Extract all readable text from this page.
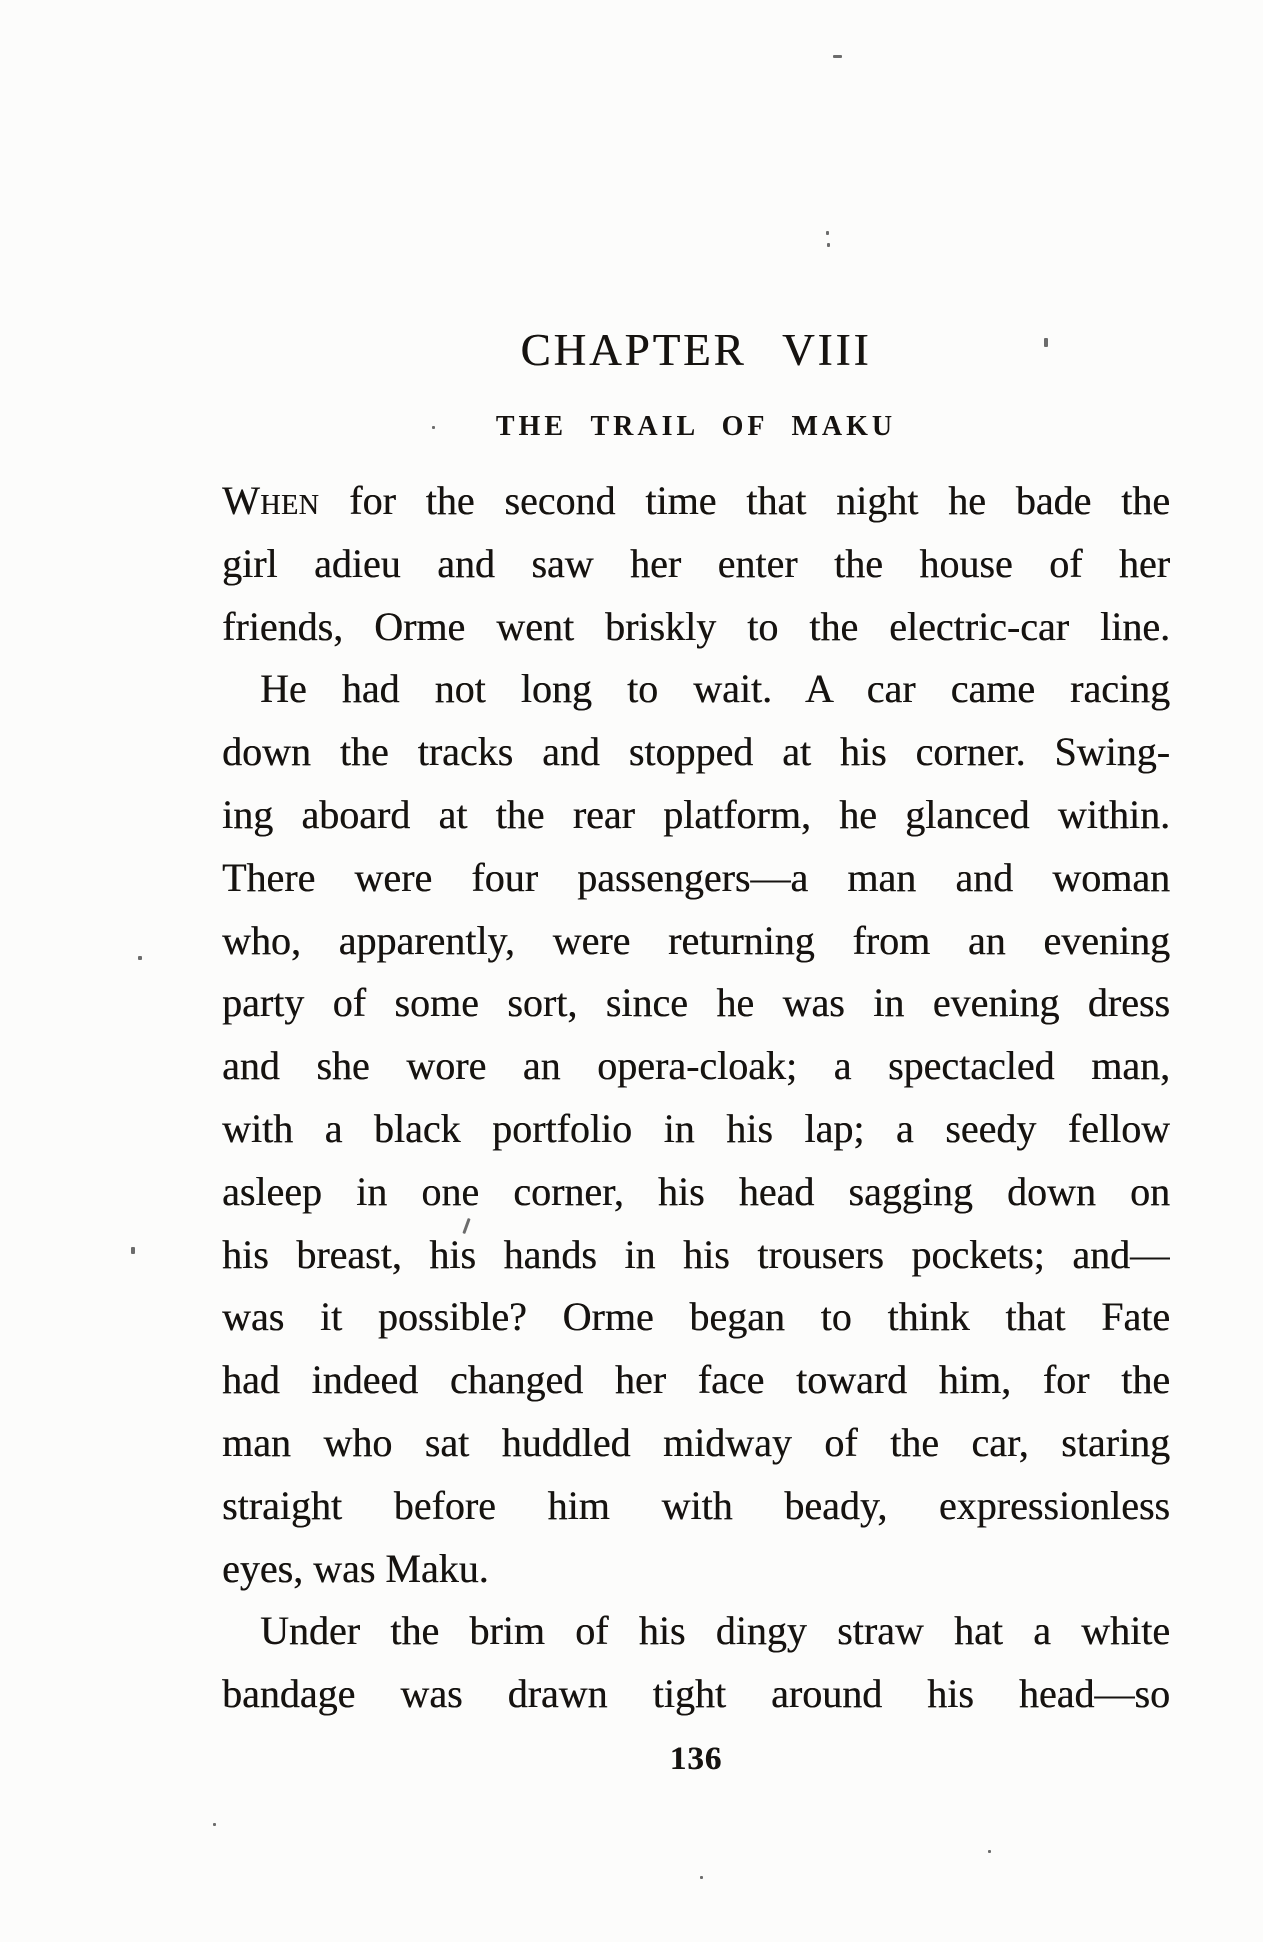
CHAPTER VIII
THE TRAIL OF MAKU
When for the second time that night he bade the
girl adieu and saw her enter the house of her
friends, Orme went briskly to the electric-car line.
He had not long to wait. A car came racing
down the tracks and stopped at his corner. Swing-
ing aboard at the rear platform, he glanced within.
There were four passengers—a man and woman
who, apparently, were returning from an evening
party of some sort, since he was in evening dress
and she wore an opera-cloak; a spectacled man,
with a black portfolio in his lap; a seedy fellow
asleep in one corner, his head sagging down on
his breast, his hands in his trousers pockets; and—
was it possible? Orme began to think that Fate
had indeed changed her face toward him, for the
man who sat huddled midway of the car, staring
straight before him with beady, expressionless
eyes, was Maku.
Under the brim of his dingy straw hat a white
bandage was drawn tight around his head—so
136
